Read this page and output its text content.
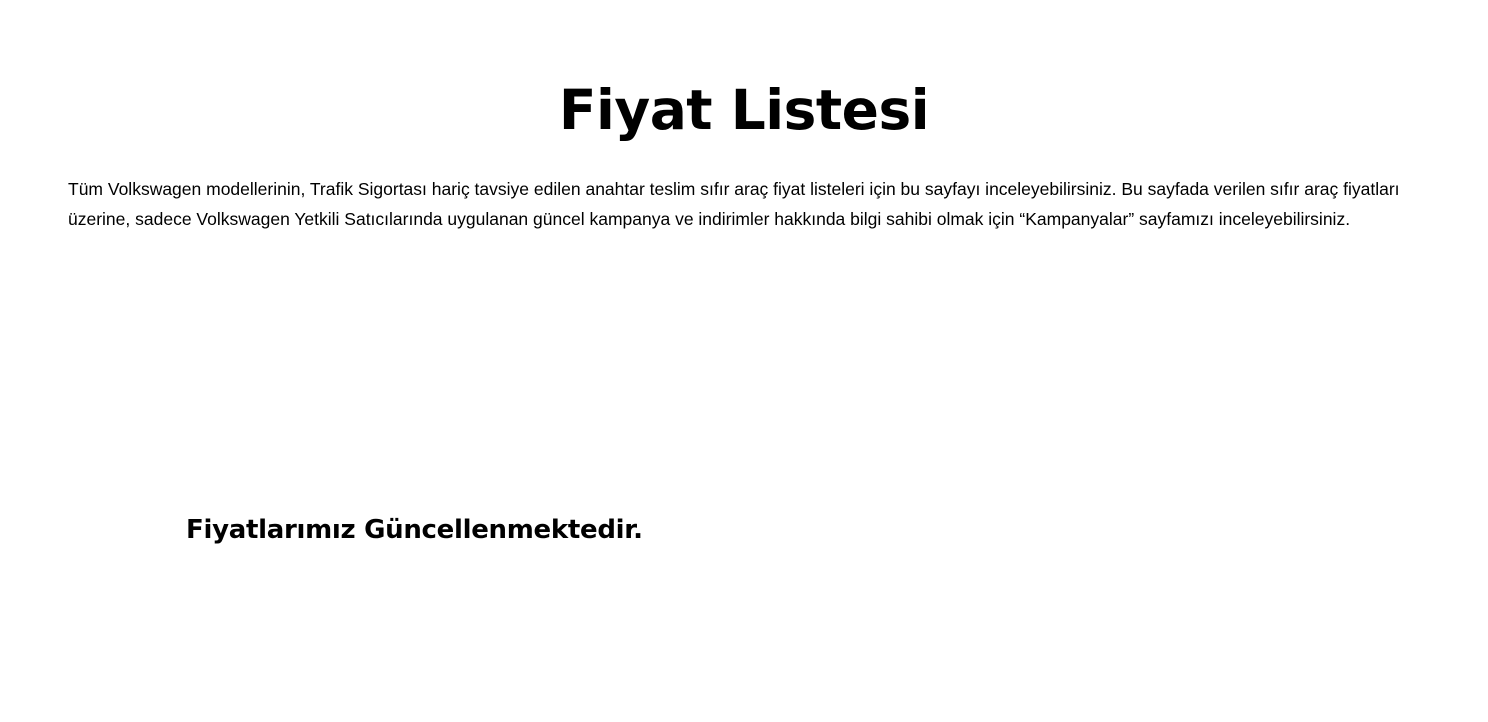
Fiyat Listesi

Tüm Volkswagen modellerinin, Trafik Sigortası hariç tavsiye edilen anahtar teslim sıfır araç fiyat listeleri için bu sayfayı inceleyebilirsiniz. Bu sayfada verilen sıfır araç fiyatları üzerine, sadece Volkswagen Yetkili Satıcılarında uygulanan güncel kampanya ve indirimler hakkında bilgi sahibi olmak için “Kampanyalar” sayfamızı inceleyebilirsiniz.

Fiyatlarımız Güncellenmektedir.
